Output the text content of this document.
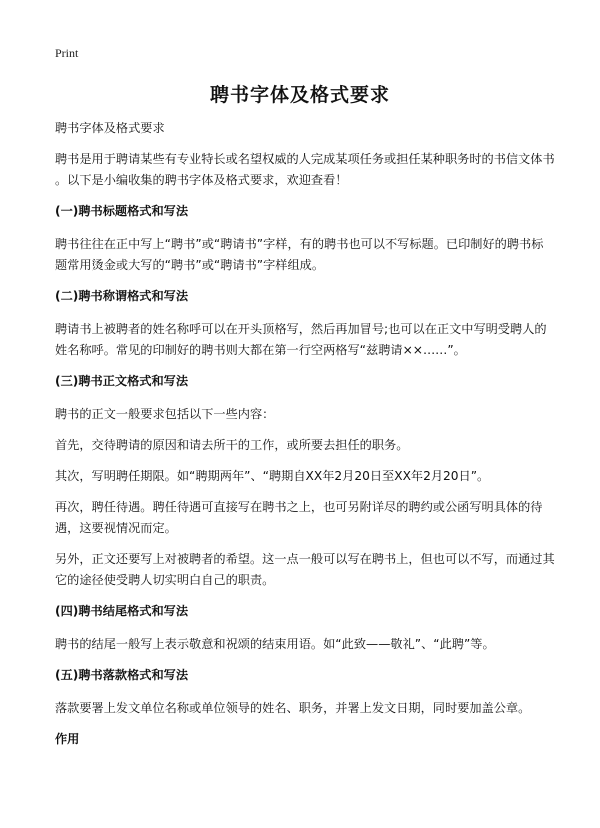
Print
聘书字体及格式要求

聘书字体及格式要求

聘书是用于聘请某些有专业特长或名望权威的人完成某项任务或担任某种职务时的书信文体书 。以下是小编收集的聘书字体及格式要求，欢迎查看！

(一)聘书标题格式和写法

聘书往往在正中写上“聘书”或“聘请书”字样，有的聘书也可以不写标题。已印制好的聘书标题常用烫金或大写的“聘书”或“聘请书”字样组成。

(二)聘书称谓格式和写法

聘请书上被聘者的姓名称呼可以在开头顶格写，然后再加冒号;也可以在正文中写明受聘人的姓名称呼。常见的印制好的聘书则大都在第一行空两格写“兹聘请××……”。

(三)聘书正文格式和写法

聘书的正文一般要求包括以下一些内容：

首先，交待聘请的原因和请去所干的工作，或所要去担任的职务。

其次，写明聘任期限。如“聘期两年”、“聘期自XX年2月20日至XX年2月20日”。

再次，聘任待遇。聘任待遇可直接写在聘书之上，也可另附详尽的聘约或公函写明具体的待遇，这要视情况而定。

另外，正文还要写上对被聘者的希望。这一点一般可以写在聘书上，但也可以不写，而通过其它的途径使受聘人切实明白自己的职责。

(四)聘书结尾格式和写法

聘书的结尾一般写上表示敬意和祝颂的结束用语。如“此致——敬礼”、“此聘”等。

(五)聘书落款格式和写法

落款要署上发文单位名称或单位领导的姓名、职务，并署上发文日期，同时要加盖公章。

作用
